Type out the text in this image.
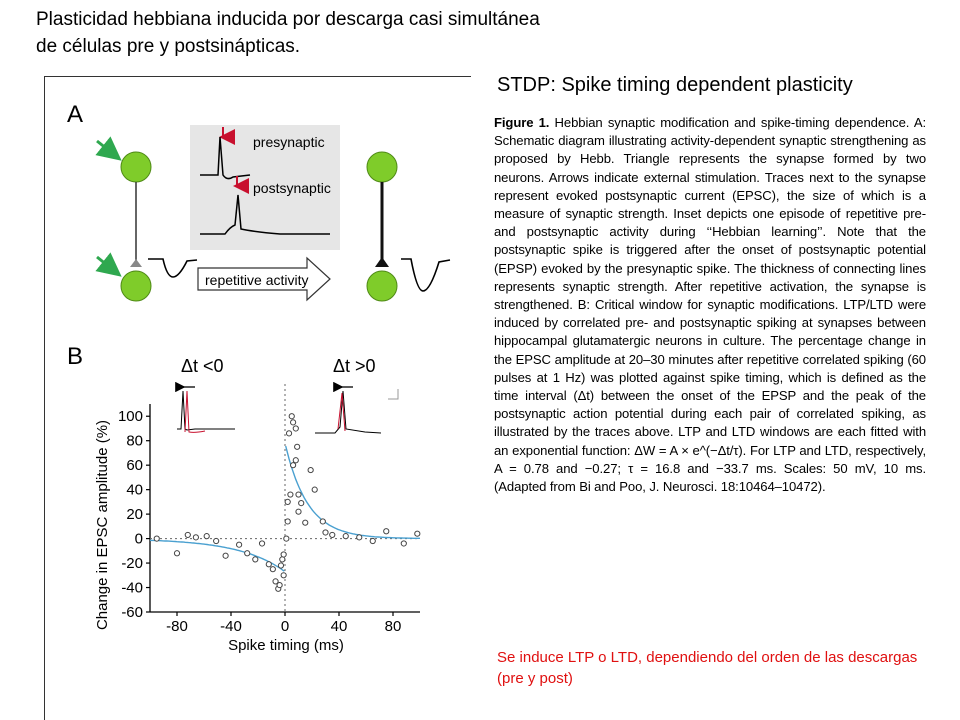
Plasticidad hebbiana inducida por descarga casi simultánea de células pre y postsinápticas.
STDP: Spike timing dependent plasticity
A
presynaptic
postsynaptic
repetitive activity
B	Δt <0	Δt >0
Change in EPSC amplitude (%)
Spike timing (ms)
-60
-40
-20
0
20
40
60
80
100
-80 -40	0	40 80
Figure 1. Hebbian synaptic modification and spike-timing dependence. A: Schematic diagram illustrating activity-dependent synaptic strengthening as proposed by Hebb. Triangle represents the synapse formed by two neurons. Arrows indicate external stimulation. Traces next to the synapse represent evoked postsynaptic current (EPSC), the size of which is a measure of synaptic strength. Inset depicts one episode of repetitive pre- and postsynaptic activity during ‘‘Hebbian learning’’. Note that the postsynaptic spike is triggered after the onset of postsynaptic potential (EPSP) evoked by the presynaptic spike. The thickness of connecting lines represents synaptic strength. After repetitive activation, the synapse is strengthened. B: Critical window for synaptic modifications. LTP/LTD were induced by correlated pre- and postsynaptic spiking at synapses between hippocampal glutamatergic neurons in culture. The percentage change in the EPSC amplitude at 20–30 minutes after repetitive correlated spiking (60 pulses at 1 Hz) was plotted against spike timing, which is defined as the time interval (Δt) between the onset of the EPSP and the peak of the postsynaptic action potential during each pair of correlated spiking, as illustrated by the traces above. LTP and LTD windows are each fitted with an exponential function: ΔW = A × e^(−Δt/τ). For LTP and LTD, respectively, A = 0.78 and −0.27; τ = 16.8 and −33.7 ms. Scales: 50 mV, 10 ms. (Adapted from Bi and Poo, J. Neurosci. 18:10464–10472).
Se induce LTP o LTD, dependiendo del orden de las descargas (pre y post)
